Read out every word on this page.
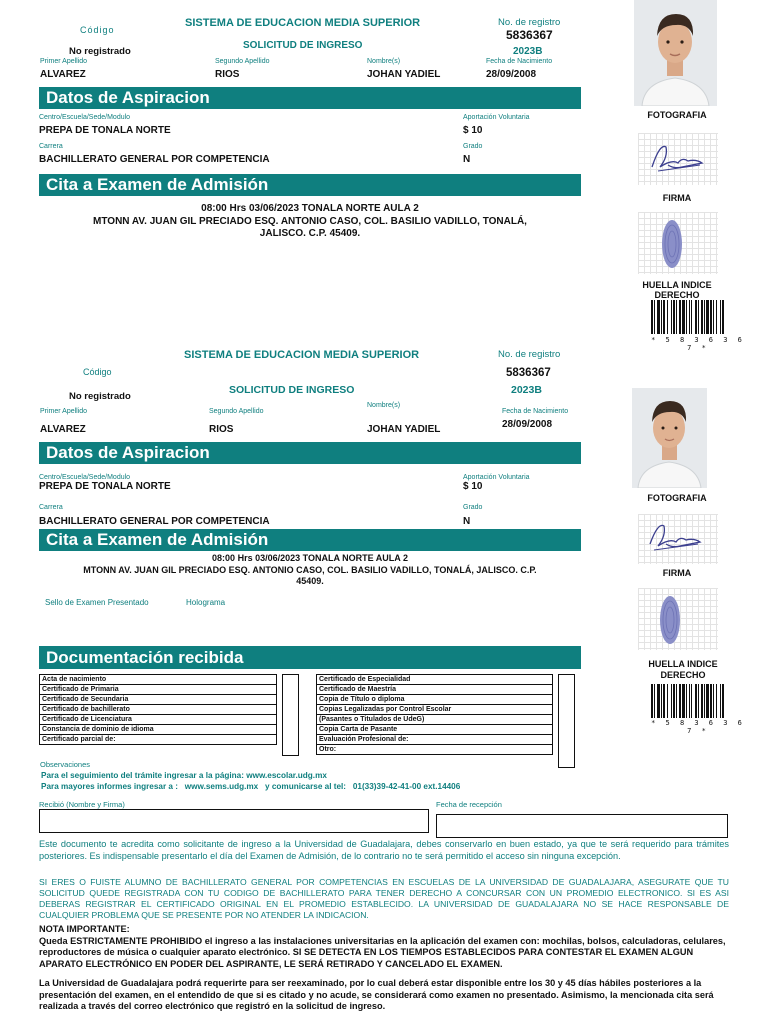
SISTEMA DE EDUCACION MEDIA SUPERIOR
Código
No registrado
SOLICITUD DE INGRESO
No. de registro
5836367
2023B
Primer Apellido
ALVAREZ
Segundo Apellido
RIOS
Nombre(s)
JOHAN YADIEL
Fecha de Nacimiento
28/09/2008
Datos de Aspiracion
Centro/Escuela/Sede/Modulo
PREPA DE TONALA NORTE
Aportación Voluntaria
$ 10
Carrera
BACHILLERATO GENERAL POR COMPETENCIA
Grado
N
Cita a Examen de Admisión
08:00 Hrs 03/06/2023 TONALA NORTE AULA 2
MTONN AV. JUAN GIL PRECIADO ESQ. ANTONIO CASO, COL. BASILIO VADILLO, TONALÁ,
JALISCO. C.P. 45409.
FOTOGRAFIA
FIRMA
HUELLA INDICE
DERECHO
* 5 8 3 6 3 6 7 *
SISTEMA DE EDUCACION MEDIA SUPERIOR
Código
No registrado
SOLICITUD DE INGRESO
No. de registro
5836367
2023B
Primer Apellido
ALVAREZ
Segundo Apellido
RIOS
Nombre(s)
JOHAN YADIEL
Fecha de Nacimiento
28/09/2008
Datos de Aspiracion
Centro/Escuela/Sede/Modulo
PREPA DE TONALA NORTE
Aportación Voluntaria
$ 10
Carrera
BACHILLERATO GENERAL POR COMPETENCIA
Grado
N
Cita a Examen de Admisión
08:00 Hrs 03/06/2023 TONALA NORTE AULA 2
MTONN AV. JUAN GIL PRECIADO ESQ. ANTONIO CASO, COL. BASILIO VADILLO, TONALÁ, JALISCO. C.P.
45409.
Sello de Examen Presentado	Holograma
FOTOGRAFIA
FIRMA
HUELLA INDICE
DERECHO
* 5 8 3 6 3 6 7 *
Documentación recibida
Acta de nacimiento
Certificado de Primaria
Certificado de Secundaria
Certificado de bachillerato
Certificado de Licenciatura
Constancia de dominio de idioma
Certificado parcial de:
Certificado de Especialidad
Certificado de Maestría
Copia de Título o diploma
Copias Legalizadas por Control Escolar
(Pasantes o Titulados de UdeG)
Copia Carta de Pasante
Evaluación Profesional de:
Otro:
Observaciones
Para el seguimiento del trámite ingresar a la página: www.escolar.udg.mx
Para mayores informes ingresar a :   www.sems.udg.mx   y comunicarse al tel:   01(33)39-42-41-00 ext.14406
Recibió (Nombre y Firma)	Fecha de recepción
Este documento te acredita como solicitante de ingreso a la Universidad de Guadalajara, debes conservarlo en buen estado, ya que te será requerido para trámites posteriores. Es indispensable presentarlo el día del Examen de Admisión, de lo contrario no te será permitido el acceso sin ninguna excepción.
SI ERES O FUISTE ALUMNO DE BACHILLERATO GENERAL POR COMPETENCIAS EN ESCUELAS DE LA UNIVERSIDAD DE GUADALAJARA, ASEGURATE QUE TU SOLICITUD QUEDE REGISTRADA CON TU CODIGO DE BACHILLERATO PARA TENER DERECHO A CONCURSAR CON UN PROMEDIO ELECTRONICO. SI ES ASI DEBERAS REGISTRAR EL CERTIFICADO ORIGINAL EN EL PROMEDIO ESTABLECIDO. LA UNIVERSIDAD DE GUADALAJARA NO SE HACE RESPONSABLE DE CUALQUIER PROBLEMA QUE SE PRESENTE POR NO ATENDER LA INDICACION.
NOTA IMPORTANTE:
Queda ESTRICTAMENTE PROHIBIDO el ingreso a las instalaciones universitarias en la aplicación del examen con: mochilas, bolsos, calculadoras, celulares, reproductores de música o cualquier aparato electrónico. SI SE DETECTA EN LOS TIEMPOS ESTABLECIDOS PARA CONTESTAR EL EXAMEN ALGUN APARATO ELECTRÓNICO EN PODER DEL ASPIRANTE, LE SERÁ RETIRADO Y CANCELADO EL EXAMEN.
La Universidad de Guadalajara podrá requerirte para ser reexaminado, por lo cual deberá estar disponible entre los 30 y 45 días hábiles posteriores a la presentación del examen, en el entendido de que si es citado y no acude, se considerará como examen no presentado. Asimismo, la mencionada cita será realizada a través del correo electrónico que registró en la solicitud de ingreso.
